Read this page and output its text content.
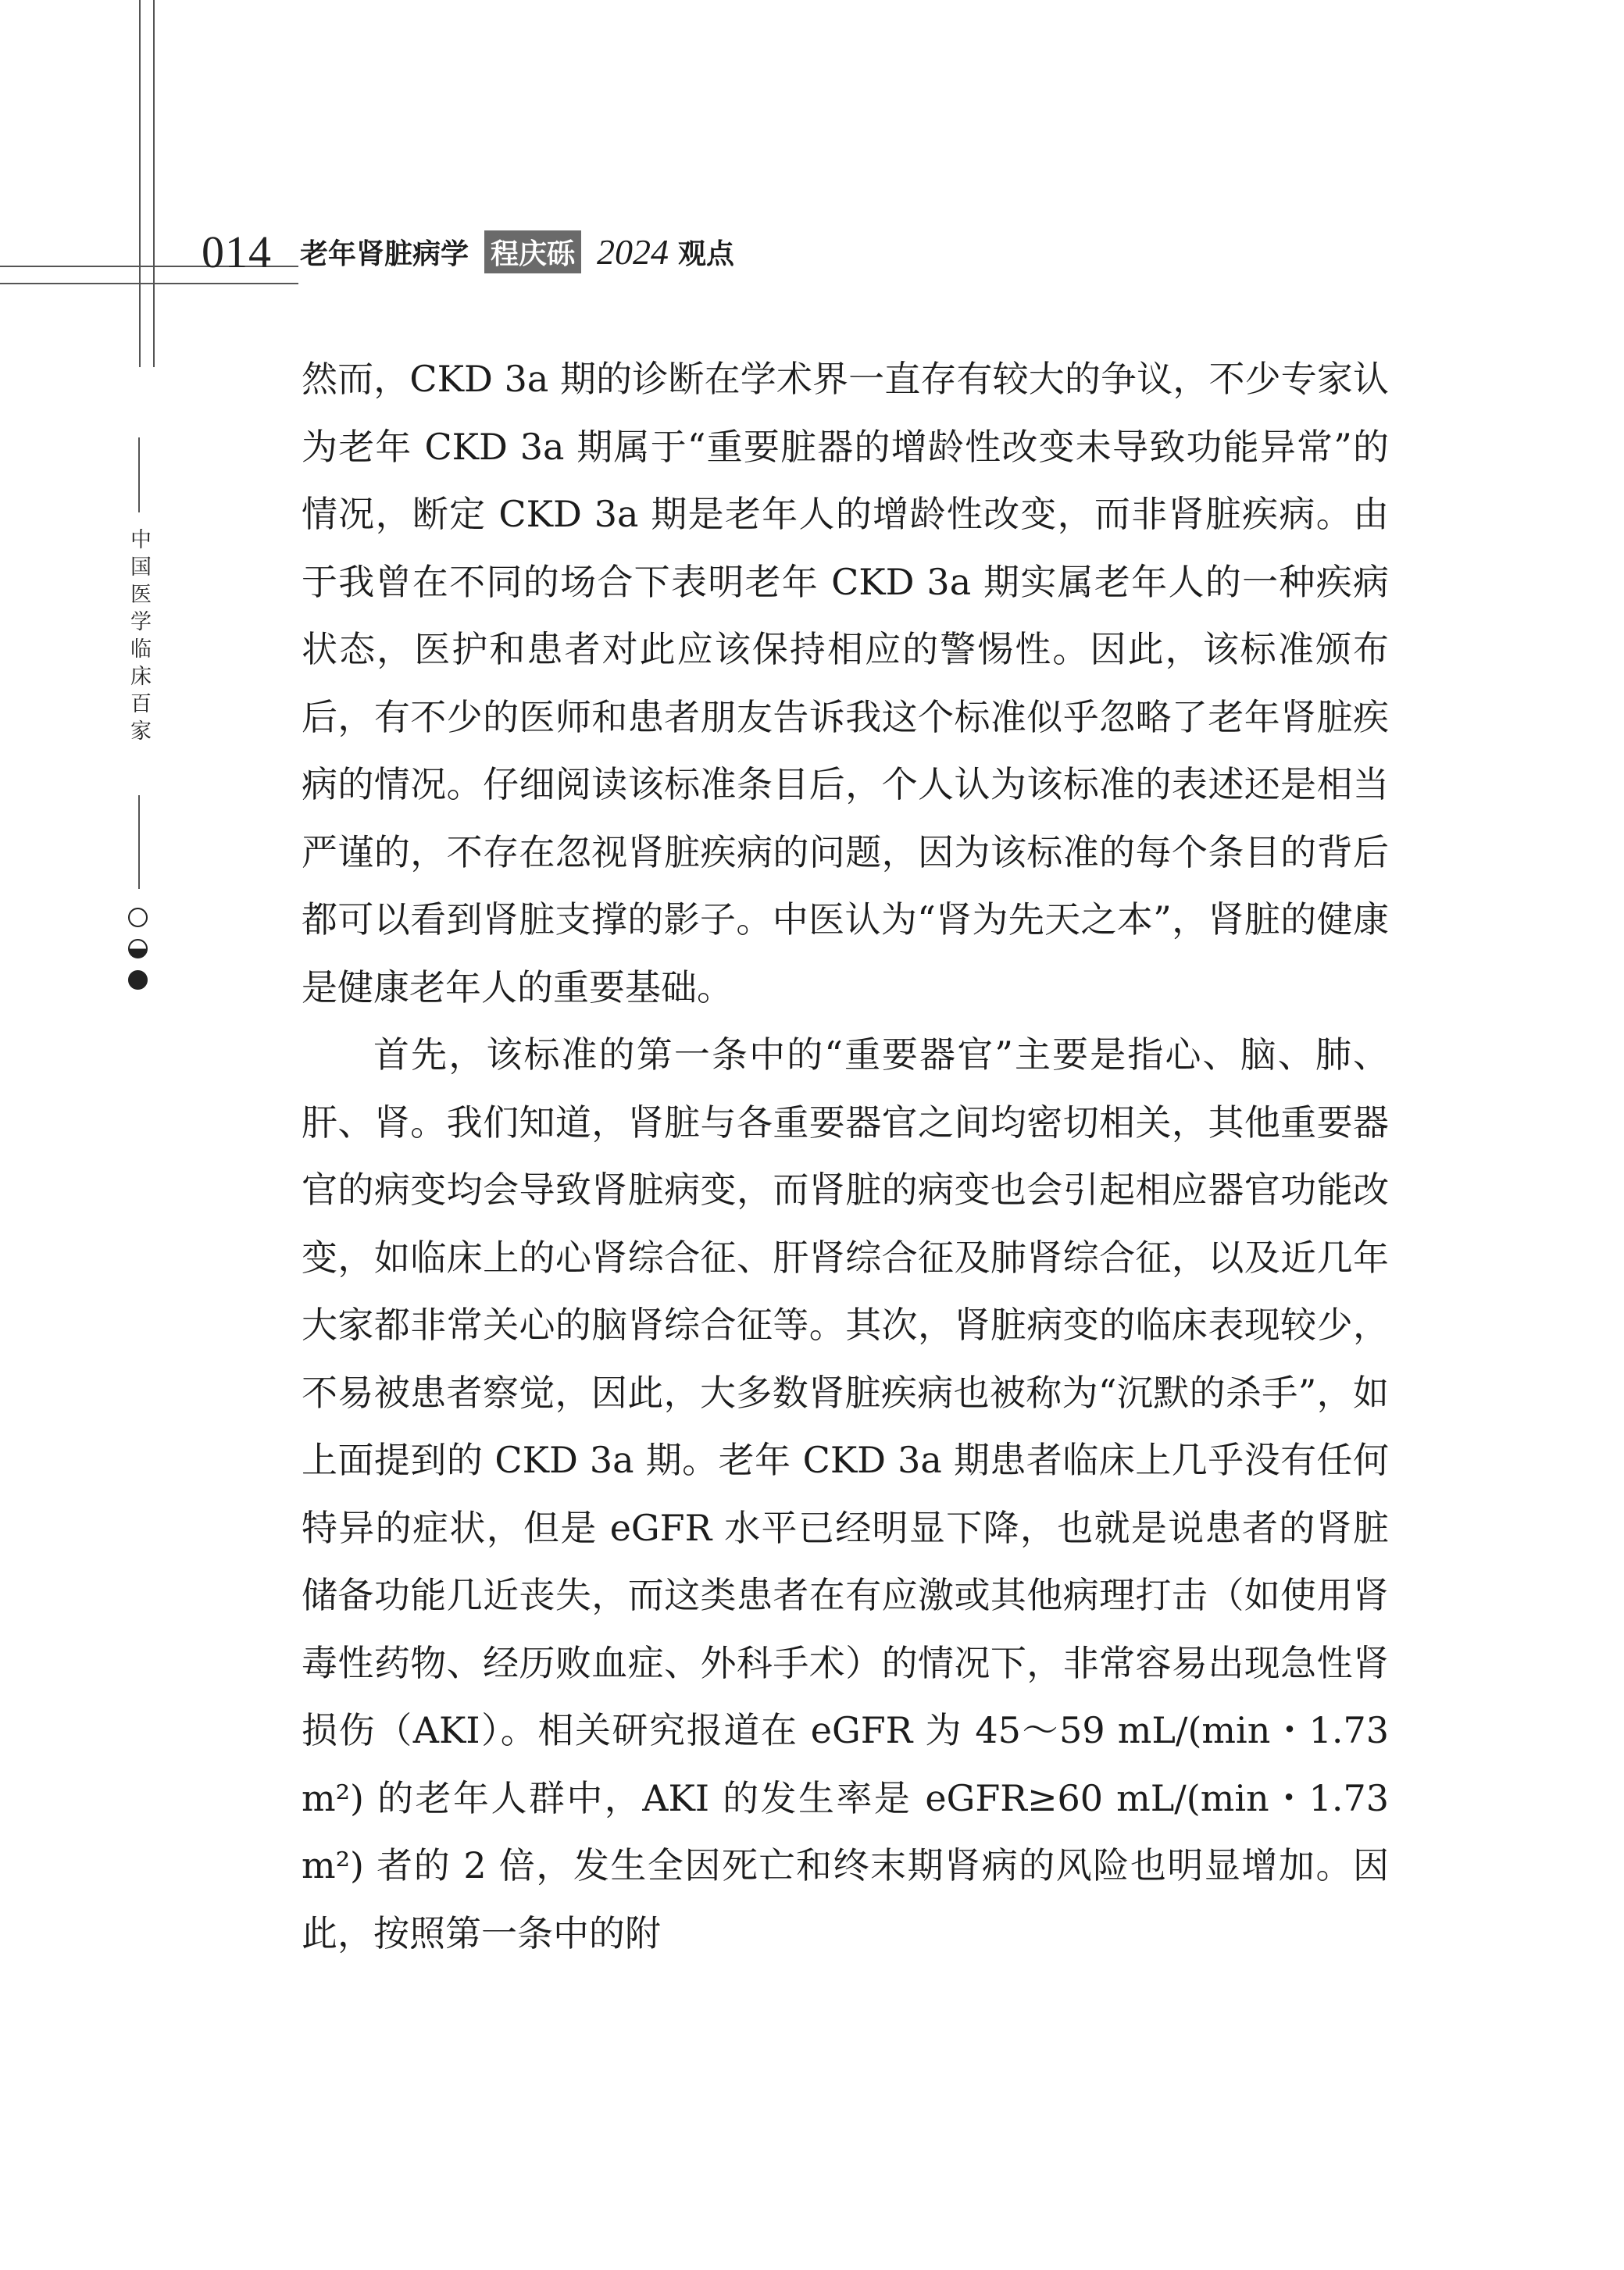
014 老年肾脏病学 程庆砾 2024 观点
中国医学临床百家

然而，CKD 3a 期的诊断在学术界一直存有较大的争议，不少专家认为老年 CKD 3a 期属于“重要脏器的增龄性改变未导致功能异常”的情况，断定 CKD 3a 期是老年人的增龄性改变，而非肾脏疾病。由于我曾在不同的场合下表明老年 CKD 3a 期实属老年人的一种疾病状态，医护和患者对此应该保持相应的警惕性。因此，该标准颁布后，有不少的医师和患者朋友告诉我这个标准似乎忽略了老年肾脏疾病的情况。仔细阅读该标准条目后，个人认为该标准的表述还是相当严谨的，不存在忽视肾脏疾病的问题，因为该标准的每个条目的背后都可以看到肾脏支撑的影子。中医认为“肾为先天之本”，肾脏的健康是健康老年人的重要基础。

首先，该标准的第一条中的“重要器官”主要是指心、脑、肺、肝、肾。我们知道，肾脏与各重要器官之间均密切相关，其他重要器官的病变均会导致肾脏病变，而肾脏的病变也会引起相应器官功能改变，如临床上的心肾综合征、肝肾综合征及肺肾综合征，以及近几年大家都非常关心的脑肾综合征等。其次，肾脏病变的临床表现较少，不易被患者察觉，因此，大多数肾脏疾病也被称为“沉默的杀手”，如上面提到的 CKD 3a 期。老年 CKD 3a 期患者临床上几乎没有任何特异的症状，但是 eGFR 水平已经明显下降，也就是说患者的肾脏储备功能几近丧失，而这类患者在有应激或其他病理打击（如使用肾毒性药物、经历败血症、外科手术）的情况下，非常容易出现急性肾损伤（AKI）。相关研究报道在 eGFR 为 45～59 mL/(min・1.73 m²) 的老年人群中，AKI 的发生率是 eGFR≥60 mL/(min・1.73 m²) 者的 2 倍，发生全因死亡和终末期肾病的风险也明显增加。因此，按照第一条中的附
